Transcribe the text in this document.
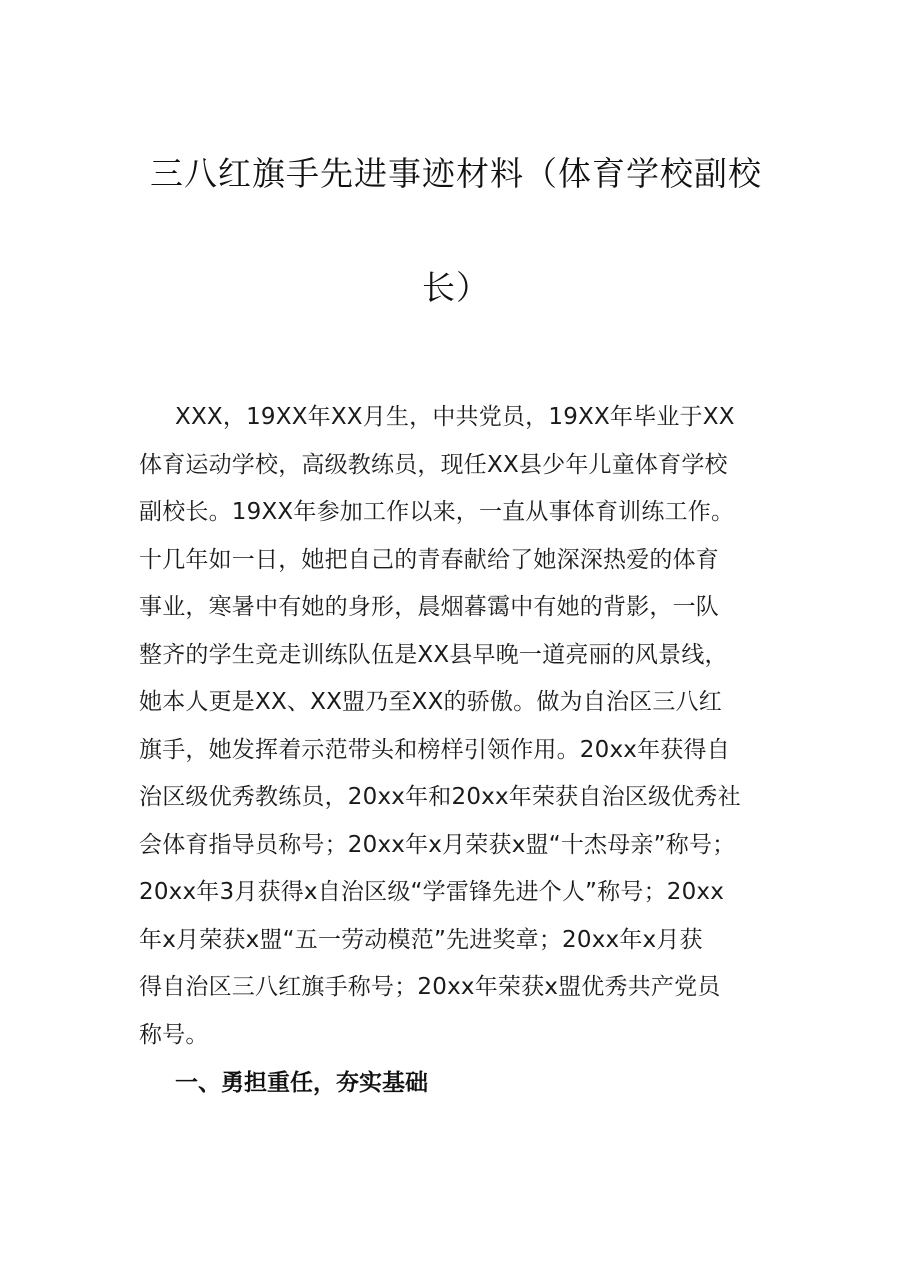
三八红旗手先进事迹材料（体育学校副校
长）
XXX，19XX年XX月生，中共党员，19XX年毕业于XX
体育运动学校，高级教练员，现任XX县少年儿童体育学校
副校长。19XX年参加工作以来，一直从事体育训练工作。
十几年如一日，她把自己的青春献给了她深深热爱的体育
事业，寒暑中有她的身形，晨烟暮霭中有她的背影，一队
整齐的学生竞走训练队伍是XX县早晚一道亮丽的风景线，
她本人更是XX、XX盟乃至XX的骄傲。做为自治区三八红
旗手，她发挥着示范带头和榜样引领作用。20xx年获得自
治区级优秀教练员，20xx年和20xx年荣获自治区级优秀社
会体育指导员称号；20xx年x月荣获x盟“十杰母亲”称号；
20xx年3月获得x自治区级“学雷锋先进个人”称号；20xx
年x月荣获x盟“五一劳动模范”先进奖章；20xx年x月获
得自治区三八红旗手称号；20xx年荣获x盟优秀共产党员
称号。
一、勇担重任，夯实基础
